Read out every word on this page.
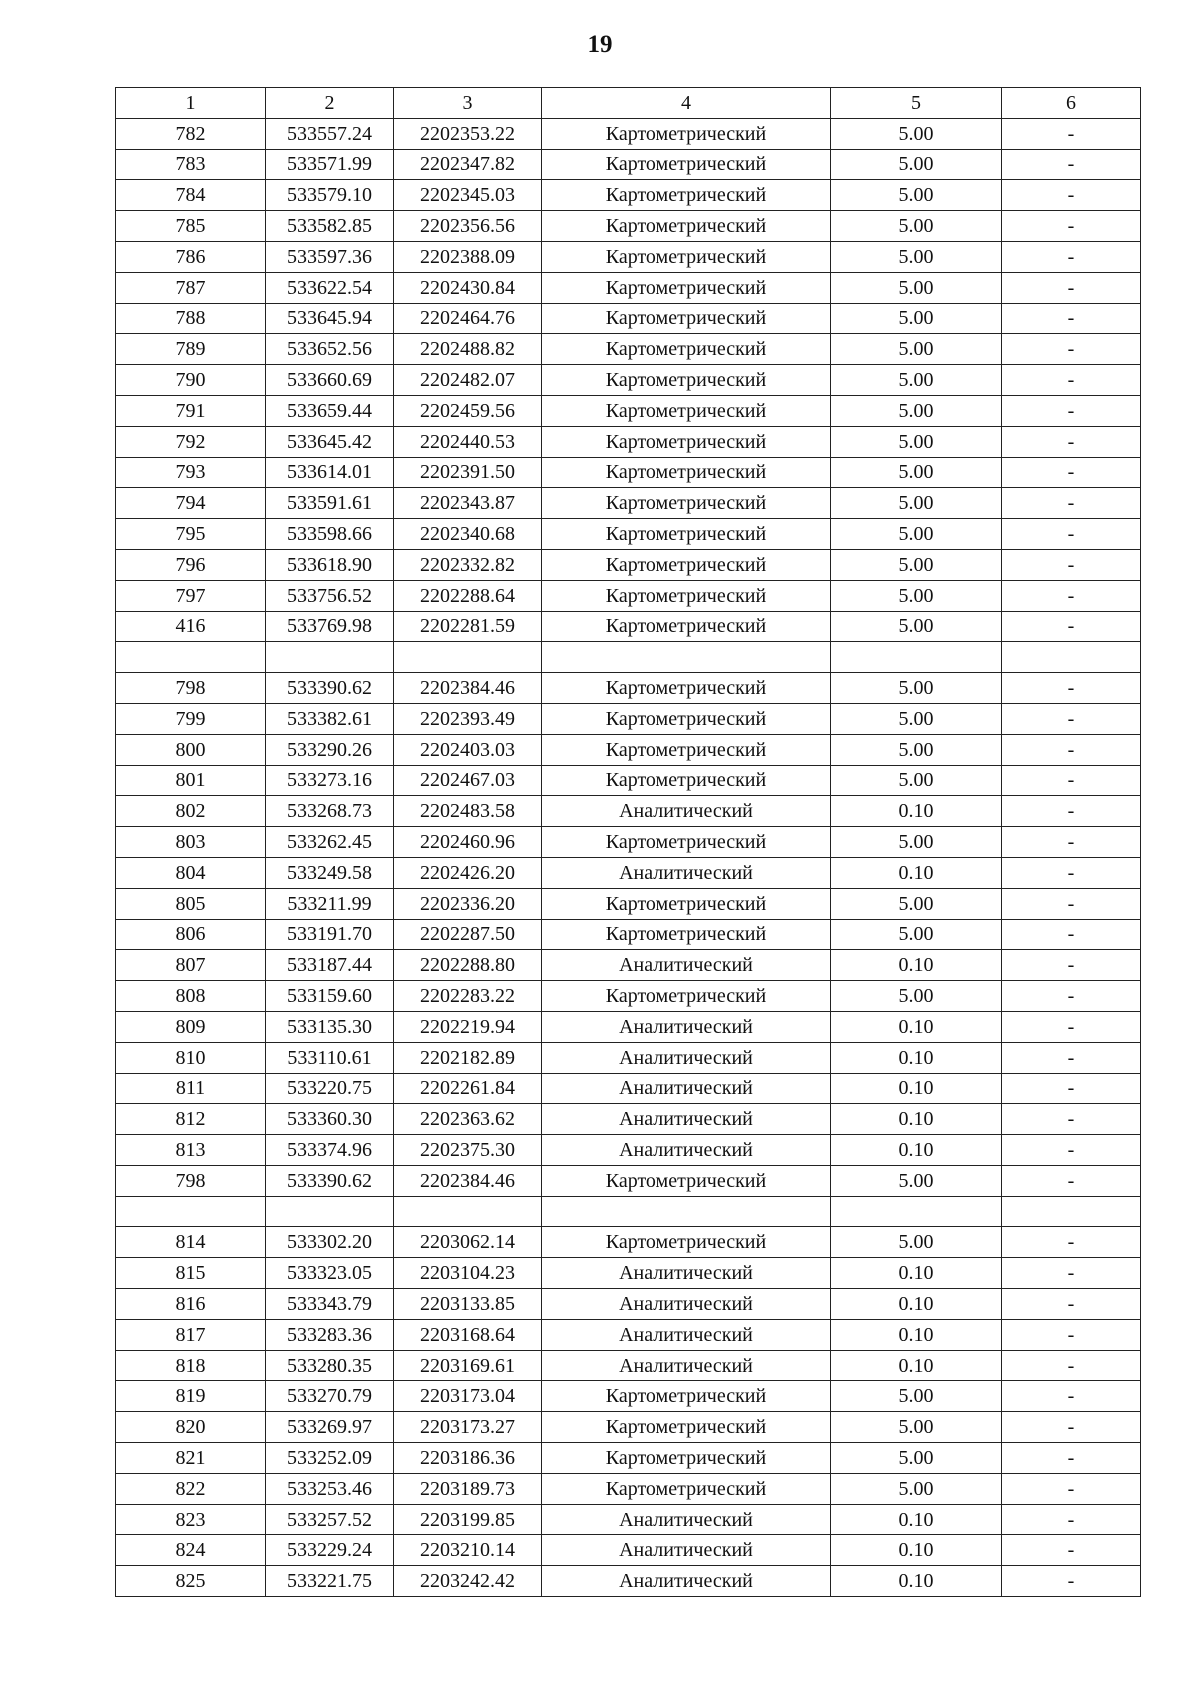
19
1	2	3	4	5	6
782	533557.24	2202353.22	Картометрический	5.00	-
783	533571.99	2202347.82	Картометрический	5.00	-
784	533579.10	2202345.03	Картометрический	5.00	-
785	533582.85	2202356.56	Картометрический	5.00	-
786	533597.36	2202388.09	Картометрический	5.00	-
787	533622.54	2202430.84	Картометрический	5.00	-
788	533645.94	2202464.76	Картометрический	5.00	-
789	533652.56	2202488.82	Картометрический	5.00	-
790	533660.69	2202482.07	Картометрический	5.00	-
791	533659.44	2202459.56	Картометрический	5.00	-
792	533645.42	2202440.53	Картометрический	5.00	-
793	533614.01	2202391.50	Картометрический	5.00	-
794	533591.61	2202343.87	Картометрический	5.00	-
795	533598.66	2202340.68	Картометрический	5.00	-
796	533618.90	2202332.82	Картометрический	5.00	-
797	533756.52	2202288.64	Картометрический	5.00	-
416	533769.98	2202281.59	Картометрический	5.00	-

798	533390.62	2202384.46	Картометрический	5.00	-
799	533382.61	2202393.49	Картометрический	5.00	-
800	533290.26	2202403.03	Картометрический	5.00	-
801	533273.16	2202467.03	Картометрический	5.00	-
802	533268.73	2202483.58	Аналитический	0.10	-
803	533262.45	2202460.96	Картометрический	5.00	-
804	533249.58	2202426.20	Аналитический	0.10	-
805	533211.99	2202336.20	Картометрический	5.00	-
806	533191.70	2202287.50	Картометрический	5.00	-
807	533187.44	2202288.80	Аналитический	0.10	-
808	533159.60	2202283.22	Картометрический	5.00	-
809	533135.30	2202219.94	Аналитический	0.10	-
810	533110.61	2202182.89	Аналитический	0.10	-
811	533220.75	2202261.84	Аналитический	0.10	-
812	533360.30	2202363.62	Аналитический	0.10	-
813	533374.96	2202375.30	Аналитический	0.10	-
798	533390.62	2202384.46	Картометрический	5.00	-

814	533302.20	2203062.14	Картометрический	5.00	-
815	533323.05	2203104.23	Аналитический	0.10	-
816	533343.79	2203133.85	Аналитический	0.10	-
817	533283.36	2203168.64	Аналитический	0.10	-
818	533280.35	2203169.61	Аналитический	0.10	-
819	533270.79	2203173.04	Картометрический	5.00	-
820	533269.97	2203173.27	Картометрический	5.00	-
821	533252.09	2203186.36	Картометрический	5.00	-
822	533253.46	2203189.73	Картометрический	5.00	-
823	533257.52	2203199.85	Аналитический	0.10	-
824	533229.24	2203210.14	Аналитический	0.10	-
825	533221.75	2203242.42	Аналитический	0.10	-
